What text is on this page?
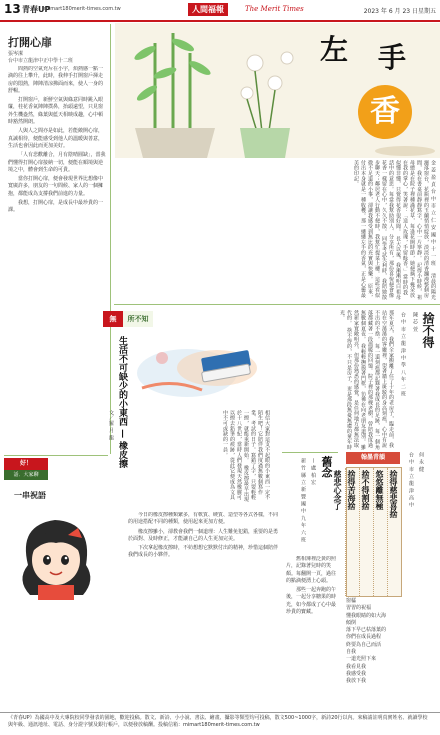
13 青春UP
mimart180merit-times.com.tw	人間福報	The Merit Times	2023 年 6 月 23 日 星期五
打開心扉
張岑潔
台中市立龍津中正中學十二班

問熱的空氣充斥在小宇，煩熱感一點一滴的往上攀升，此時，我伸手打開窗戶揮走房的悶熱，陣陣清涼拂面而來，使人一身的舒暢。

打開窗戶，新鮮空氣與綠意同時跳入眼簾，桂花香氣陣陣撲鼻，抬頭遠望，只見窗外生機盎然，綠葉與藍天相映成趣，心中頓時豁然開朗。

人與人之間亦是如此，若能敞開心扉，真誠相待，便能感受到他人的溫暖與善意，生活也會因此而更加美好。

「人有悲歡離合，月有陰晴圓缺」，當我們懂得打開心扉接納一切，便能在順境與逆境之中，體會到生命的可貴。

當你打開心扉，便會發現世界比想像中寬廣許多，朋友的一句問候、家人的一個擁抱，都能成為支撐我們前進的力量。

我想，打開心扉，是成長中最珍貴的一課。

好！
話．大家聊
一串祝語
左 手
香
金 姜 盈 貞 台 中 市 立 仁 安 國 中 十 一 班　 清晨的陽光灑落窗台，花瓶裡的玉蘭悄悄綻放，淡淡的清香瀰漫整個房間，我在書桌前靜靜寫字，心中一片寧靜。 記得小時候，祖母總是在院子裡種滿花草，每逢花開時節，她便摘下幾朵放在我的掌心，笑著說：「送人玫瑰，手留餘香。」當時的我似懂非懂，只覺得花香很好聞。 長大以後，我漸漸明白祖母話中的意思。每當我幫助別人、分享所有，那份喜悅便會像花香一樣留在心中，久久不散。 同學考試失利時，我陪她散步聊天；鄰居老人行動不便時，我幫忙提菜上樓。這些看似微不足道的小事，卻讓我感受到無比的充實與快樂。 原來，付出本身就是一種收穫。那一縷縷左手的香氣，正是心靈最美的印記。
捨不得
陳 芯 萱
台 中 市 立 龍 津 中 學 八 年 二 班
那年夏天，我們全家搬離了住了十年的老房子，臨走前，我站在空蕩蕩的客廳裡，望著牆上斑駁的身高刻痕，心中有說不出的不捨。 每一道刻痕都記錄著我成長的足跡，每一個角落都藏著一段溫暖的回憶。院子裡的那棵老樹，曾陪我度過無數個夏夜。 我輕輕撫摸著門框，彷彿在向老朋友道別。雖然新家寬敞明亮，但那份熟悉的感覺，是任何地方都無法取代的。 捨不得的，不只是房子，更是那段無憂無慮的童年時光。
無	所不知
生活不可缺少的小東西 — 橡皮擦
文／羅 月 龍	相信大家對這支不起眼的小東西一定不陌生吧！它陪伴我們度過無數個寫作業、考試的日子。寫錯了字，只要輕輕一擦，就能重新開始。 橡皮擦最早出現於十八世紀，當時人們發現天然橡膠可以擦去鉛筆的痕跡，從此它便成為文具中不可或缺的一員。

今日的橡皮擦種類繁多，有軟質、硬質、造型等各式各樣，不同的用途搭配不同的種類，使用起來更加方便。

橡皮擦雖小，卻教會我們一個道理：人生難免犯錯，重要的是勇於面對、及時修正，才能讓自己的人生更加完美。

下次拿起橡皮擦時，不妨想想它默默付出的精神，珍惜這個陪伴我們成長的小夥伴。

舊念
— 盧 柏 宏
新 竹 縣 立 新 豐 國 中 九 年 六 班

舊相簿裡泛黃的照片，記錄著兒時的笑顏。每翻開一頁，過往的點滴便湧上心頭。

那些一起奔跑的午後，一起分享糖果的時光，如今都成了心中最珍貴的寶藏。

翰墨青韻
捨得慈悲喜捨
悠悠離無極
捨不得割捨
捨得苦海捨
慈悲心念了
何 永 健
台 中 市 立 龍 津 高 中
窗櫺
習習的祝福
懂我眼睛的如大海
傾倒
落下早已枯落葉的
你們在成長過程
終要為自己而活
自我
一道光照下來
我看見我
我感受我
我放下我
《青春UP》為國高中及大專院校同學發表的園地，歡迎投稿。散文、新詩、小小說、書法、繪畫、攝影等類型均可投稿，散文500~1000字，新詩20行以內。來稿請註明真實姓名、就讀學校與年級、通訊地址、電話、身分證字號及銀行帳戶，以便發放稿酬。投稿信箱：mimart180merit-times.com.tw
